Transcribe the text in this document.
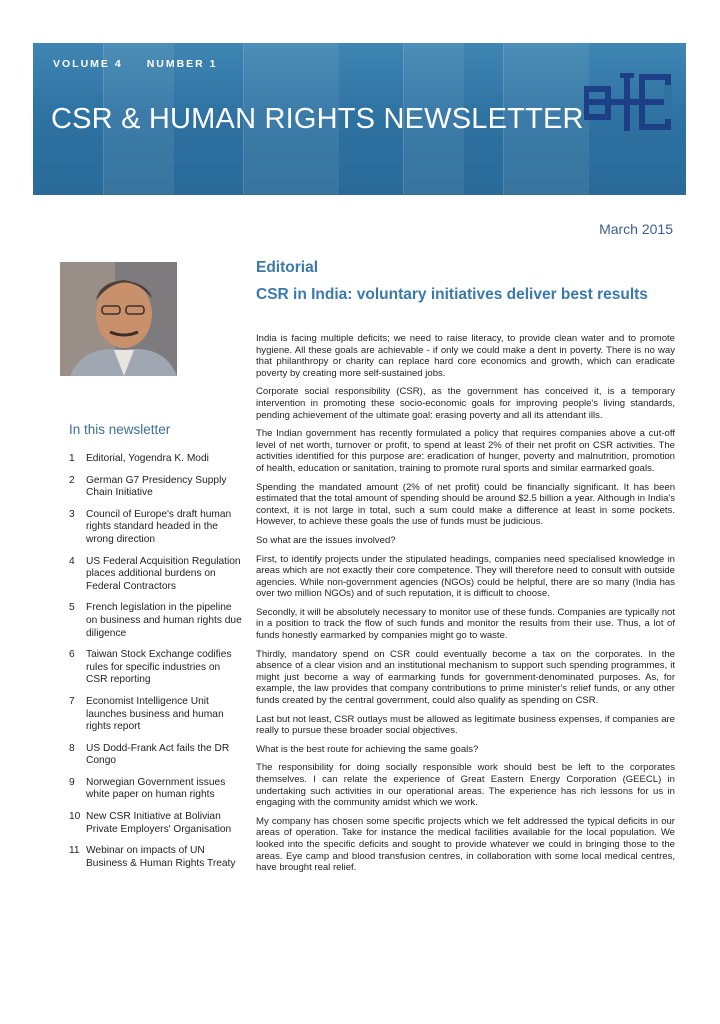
VOLUME 4 NUMBER 1
CSR & HUMAN RIGHTS NEWSLETTER
March 2015
In this newsletter
1	Editorial, Yogendra K. Modi
2	German G7 Presidency Supply Chain Initiative
3	Council of Europe's draft human rights standard headed in the wrong direction
4	US Federal Acquisition Regulation places additional burdens on Federal Contractors
5	French legislation in the pipeline on business and human rights due diligence
6	Taiwan Stock Exchange codifies rules for specific industries on CSR reporting
7	Economist Intelligence Unit launches business and human rights report
8	US Dodd-Frank Act fails the DR Congo
9	Norwegian Government issues white paper on human rights
10 New CSR Initiative at Bolivian Private Employers' Organisation
11 Webinar on impacts of UN Business & Human Rights Treaty
Editorial
CSR in India: voluntary initiatives deliver best results

India is facing multiple deficits; we need to raise literacy, to provide clean water and to promote hygiene. All these goals are achievable - if only we could make a dent in poverty. There is no way that philanthropy or charity can replace hard core economics and growth, which can eradicate poverty by creating more self-sustained jobs.

Corporate social responsibility (CSR), as the government has conceived it, is a temporary intervention in promoting these socio-economic goals for improving people's living standards, pending achievement of the ultimate goal: erasing poverty and all its attendant ills.

The Indian government has recently formulated a policy that requires companies above a cut-off level of net worth, turnover or profit, to spend at least 2% of their net profit on CSR activities. The activities identified for this purpose are: eradication of hunger, poverty and malnutrition, promotion of health, education or sanitation, training to promote rural sports and similar earmarked goals.

Spending the mandated amount (2% of net profit) could be financially significant. It has been estimated that the total amount of spending should be around $2.5 billion a year. Although in India's context, it is not large in total, such a sum could make a difference at least in some pockets. However, to achieve these goals the use of funds must be judicious.

So what are the issues involved?

First, to identify projects under the stipulated headings, companies need specialised knowledge in areas which are not exactly their core competence. They will therefore need to consult with outside agencies. While non-government agencies (NGOs) could be helpful, there are so many (India has over two million NGOs) and of such reputation, it is difficult to choose.

Secondly, it will be absolutely necessary to monitor use of these funds. Companies are typically not in a position to track the flow of such funds and monitor the results from their use. Thus, a lot of funds honestly earmarked by companies might go to waste.

Thirdly, mandatory spend on CSR could eventually become a tax on the corporates. In the absence of a clear vision and an institutional mechanism to support such spending programmes, it might just become a way of earmarking funds for government-denominated purposes. As, for example, the law provides that company contributions to prime minister's relief funds, or any other funds created by the central government, could also qualify as spending on CSR.

Last but not least, CSR outlays must be allowed as legitimate business expenses, if companies are really to pursue these broader social objectives.

What is the best route for achieving the same goals?

The responsibility for doing socially responsible work should best be left to the corporates themselves. I can relate the experience of Great Eastern Energy Corporation (GEECL) in undertaking such activities in our operational areas. The experience has rich lessons for us in engaging with the community amidst which we work.

My company has chosen some specific projects which we felt addressed the typical deficits in our areas of operation. Take for instance the medical facilities available for the local population. We looked into the specific deficits and sought to provide whatever we could in bringing those to the areas. Eye camp and blood transfusion centres, in collaboration with some local medical centres, have brought real relief.
